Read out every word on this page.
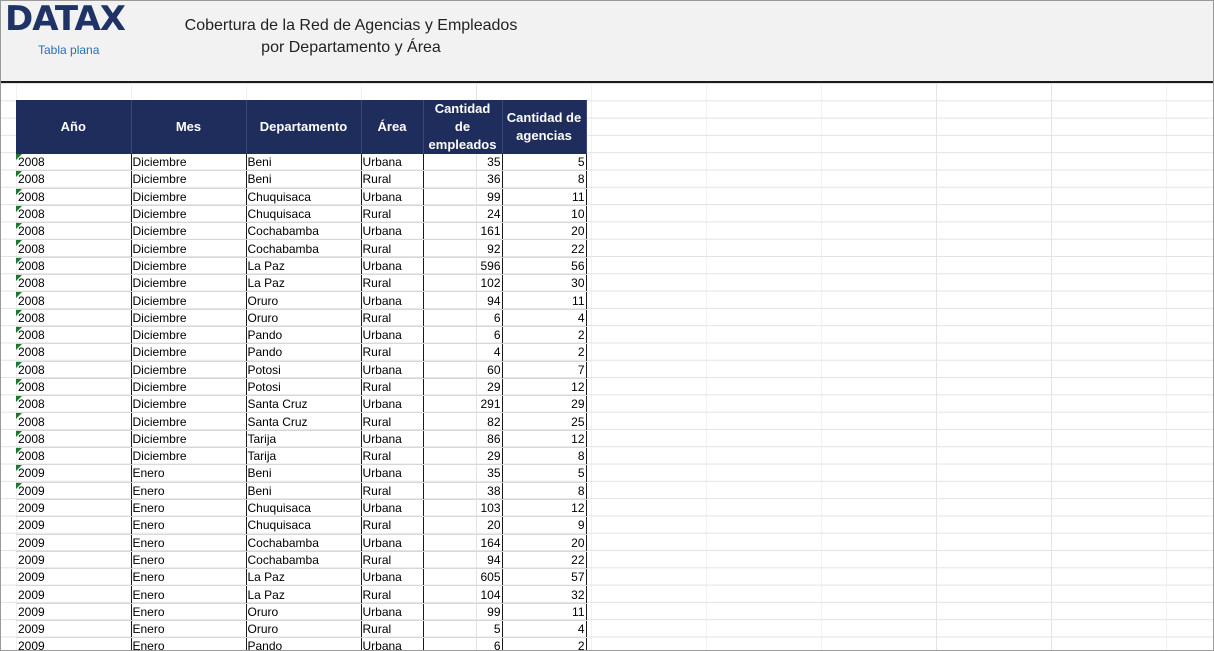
DATAX
Tabla plana
Cobertura de la Red de Agencias y Empleados
por Departamento y Área
Año	Mes	Departamento	Área	Cantidad de empleados	Cantidad de agencias
2008	Diciembre	Beni	Urbana	35	5
2008	Diciembre	Beni	Rural	36	8
2008	Diciembre	Chuquisaca	Urbana	99	11
2008	Diciembre	Chuquisaca	Rural	24	10
2008	Diciembre	Cochabamba	Urbana	161	20
2008	Diciembre	Cochabamba	Rural	92	22
2008	Diciembre	La Paz	Urbana	596	56
2008	Diciembre	La Paz	Rural	102	30
2008	Diciembre	Oruro	Urbana	94	11
2008	Diciembre	Oruro	Rural	6	4
2008	Diciembre	Pando	Urbana	6	2
2008	Diciembre	Pando	Rural	4	2
2008	Diciembre	Potosi	Urbana	60	7
2008	Diciembre	Potosi	Rural	29	12
2008	Diciembre	Santa Cruz	Urbana	291	29
2008	Diciembre	Santa Cruz	Rural	82	25
2008	Diciembre	Tarija	Urbana	86	12
2008	Diciembre	Tarija	Rural	29	8
2009	Enero	Beni	Urbana	35	5
2009	Enero	Beni	Rural	38	8
2009	Enero	Chuquisaca	Urbana	103	12
2009	Enero	Chuquisaca	Rural	20	9
2009	Enero	Cochabamba	Urbana	164	20
2009	Enero	Cochabamba	Rural	94	22
2009	Enero	La Paz	Urbana	605	57
2009	Enero	La Paz	Rural	104	32
2009	Enero	Oruro	Urbana	99	11
2009	Enero	Oruro	Rural	5	4
2009	Enero	Pando	Urbana	6	2
